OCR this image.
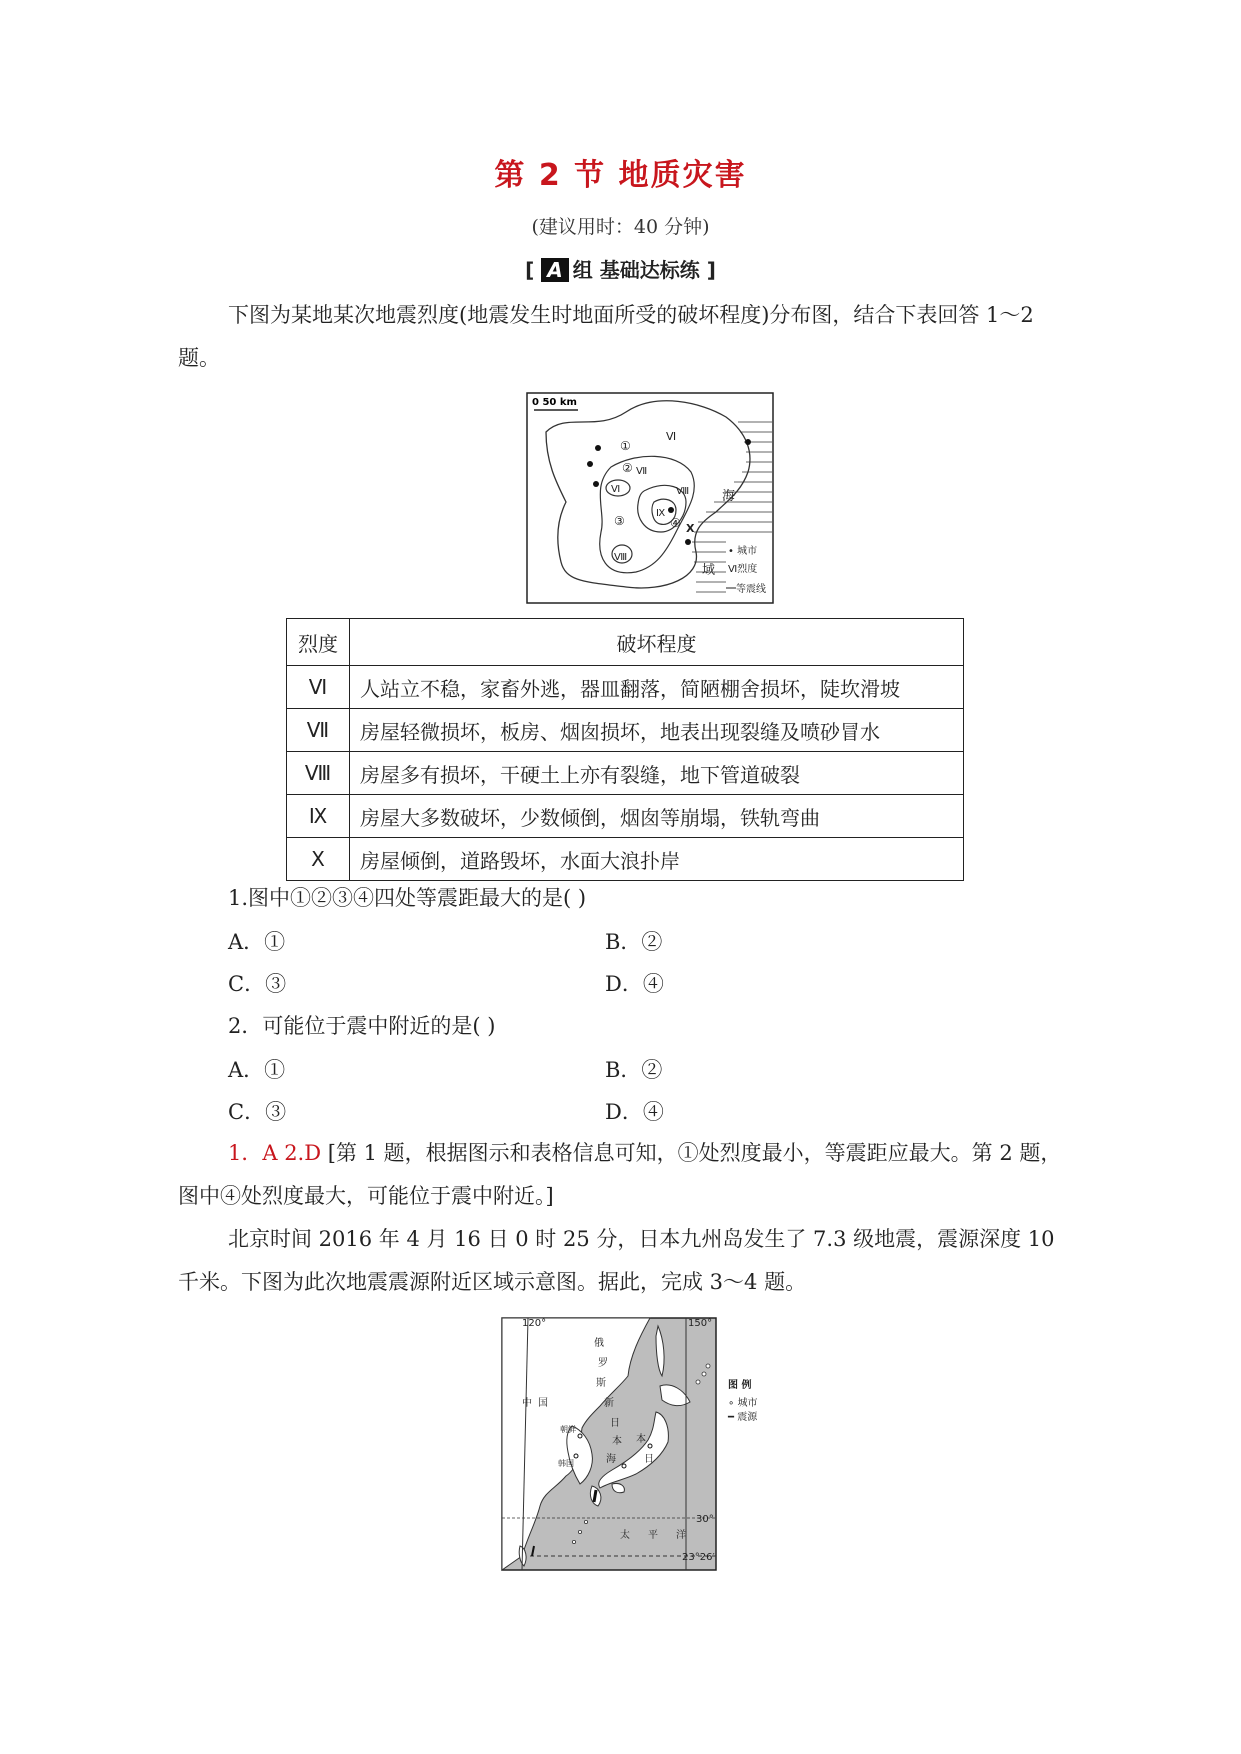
第 2 节 地质灾害
(建议用时：40 分钟)
[ A 组 基础达标练 ]
下图为某地某次地震烈度(地震发生时地面所受的破坏程度)分布图，结合下表回答 1～2 题。
0 50 km
①
②
③	④
Ⅵ
Ⅶ
Ⅵ	Ⅷ
Ⅸ
Ⅹ
Ⅷ
海
域
• 城市
Ⅵ烈度
等震线
烈度	破坏程度
Ⅵ	人站立不稳，家畜外逃，器皿翻落，简陋棚舍损坏，陡坎滑坡
Ⅶ	房屋轻微损坏，板房、烟囱损坏，地表出现裂缝及喷砂冒水
Ⅷ	房屋多有损坏，干硬土上亦有裂缝，地下管道破裂
Ⅸ	房屋大多数破坏，少数倾倒，烟囱等崩塌，铁轨弯曲
Ⅹ	房屋倾倒，道路毁坏，水面大浪扑岸
1.图中①②③④四处等震距最大的是( )
A．①	B．②
C．③	D．④
2．可能位于震中附近的是( )
A．①	B．②
C．③	D．④
1．A 2.D [第 1 题，根据图示和表格信息可知，①处烈度最小，等震距应最大。第 2 题，图中④处烈度最大，可能位于震中附近。]
北京时间 2016 年 4 月 16 日 0 时 25 分，日本九州岛发生了 7.3 级地震，震源深度 10 千米。下图为此次地震震源附近区域示意图。据此，完成 3～4 题。
120°	150°
30°
23°26′
中 国
俄
罗
斯
新
日
本
海	日
本
朝鲜
韩国
太 平 洋
图 例
∘ 城市
━ 震源
